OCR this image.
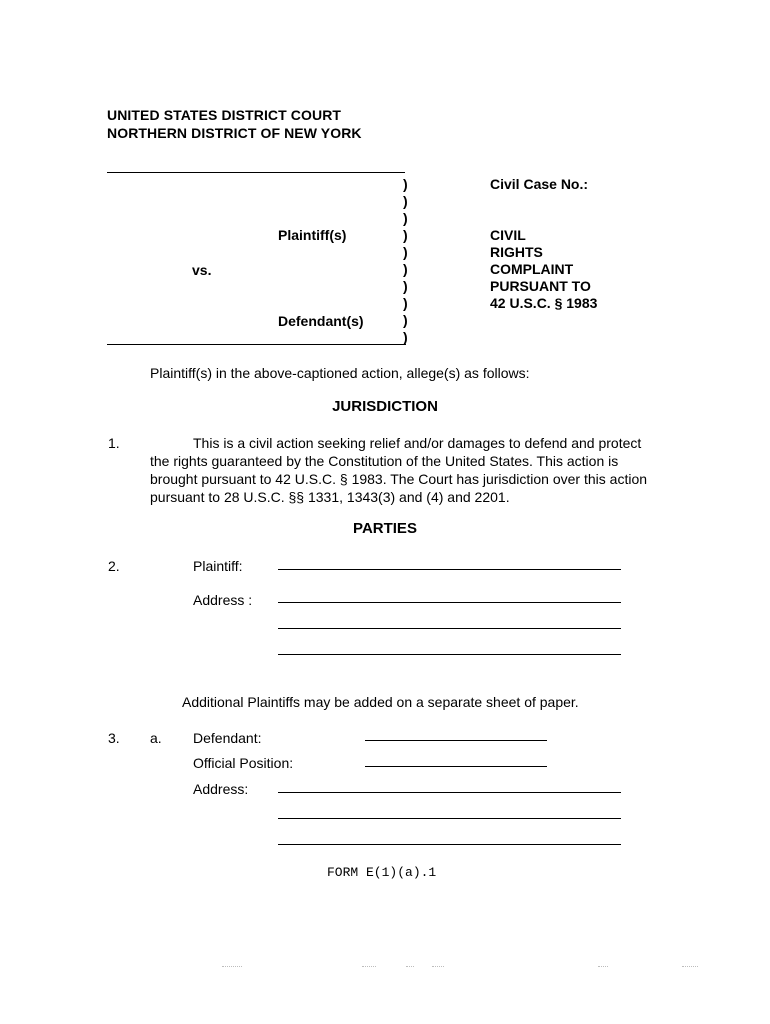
UNITED STATES DISTRICT COURT
NORTHERN DISTRICT OF NEW YORK
)
)
)
)
)
)
)
)
)
)
Plaintiff(s)
vs.
Defendant(s)
Civil Case No.:
CIVIL
RIGHTS
COMPLAINT
PURSUANT TO
42 U.S.C. § 1983
Plaintiff(s) in the above-captioned action, allege(s) as follows:
JURISDICTION
1.	This is a civil action seeking relief and/or damages to defend and protect
the rights guaranteed by the Constitution of the United States. This action is
brought pursuant to 42 U.S.C. § 1983. The Court has jurisdiction over this action
pursuant to 28 U.S.C. §§ 1331, 1343(3) and (4) and 2201.
PARTIES
2.	Plaintiff:
Address :
Additional Plaintiffs may be added on a separate sheet of paper.
3. a. Defendant:
Official Position:
Address:
FORM E(1)(a).1
